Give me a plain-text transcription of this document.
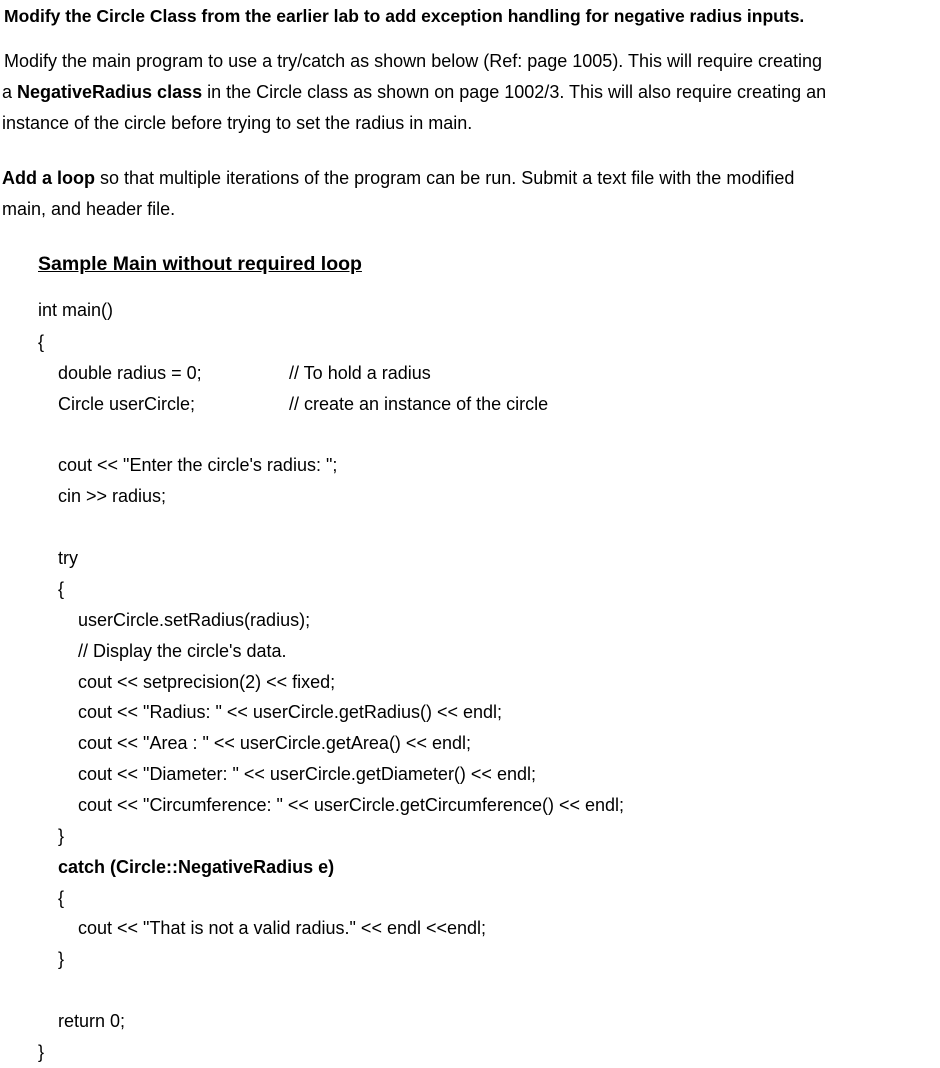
Modify the Circle Class from the earlier lab to add exception handling for negative radius inputs.
Modify the main program to use a try/catch as shown below (Ref: page 1005). This will require creating
a NegativeRadius class in the Circle class as shown on page 1002/3. This will also require creating an
instance of the circle before trying to set the radius in main.
Add a loop so that multiple iterations of the program can be run. Submit a text file with the modified
main, and header file.
Sample Main without required loop
int main()
{
double radius = 0;	// To hold a radius
Circle userCircle;	// create an instance of the circle
cout << "Enter the circle's radius: ";
cin >> radius;
try
{
userCircle.setRadius(radius);
// Display the circle's data.
cout << setprecision(2) << fixed;
cout << "Radius: " << userCircle.getRadius() << endl;
cout << "Area : " << userCircle.getArea() << endl;
cout << "Diameter: " << userCircle.getDiameter() << endl;
cout << "Circumference: " << userCircle.getCircumference() << endl;
}
catch (Circle::NegativeRadius e)
{
cout << "That is not a valid radius." << endl <<endl;
}
return 0;
}
